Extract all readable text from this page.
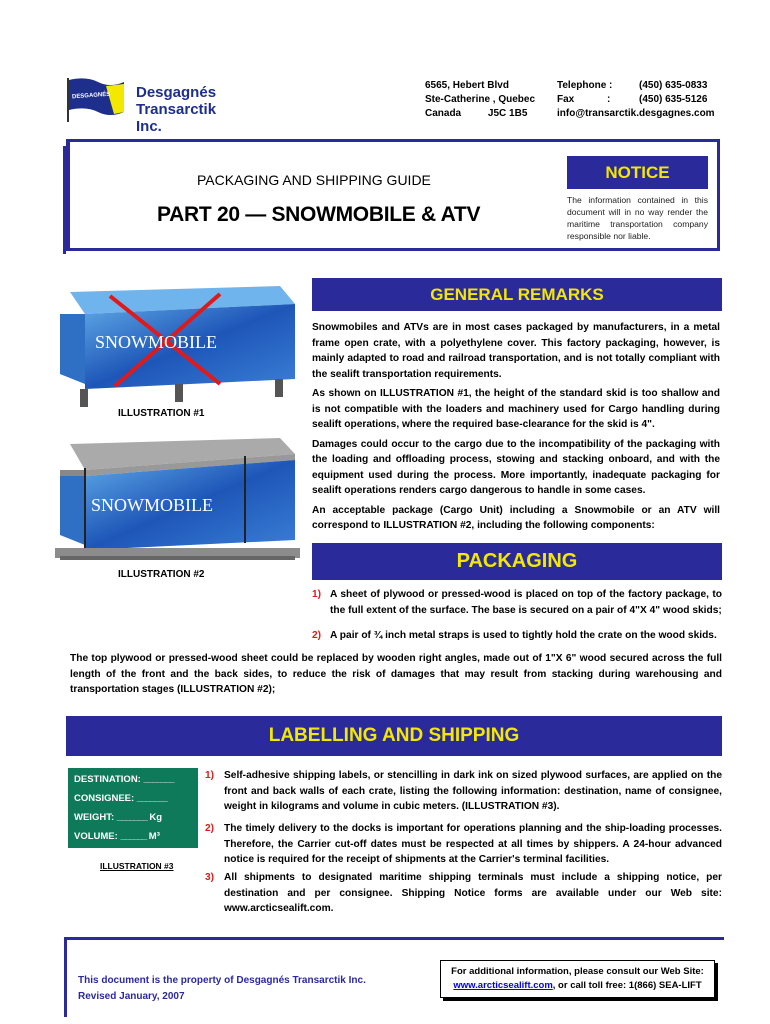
DESGAGNÉS Desgagnés
Transarctik Inc.
6565, Hebert Blvd
Ste-Catherine , Quebec
Canada	J5C 1B5
Telephone :	(450) 635-0833
Fax	:	(450) 635-5126
info@transarctik.desgagnes.com
PACKAGING AND SHIPPING GUIDE
PART 20 — SNOWMOBILE & ATV
NOTICE
The information contained in this document will in no way render the maritime transportation company responsible nor liable.
SNOWMOBILE
ILLUSTRATION #1
SNOWMOBILE
ILLUSTRATION #2
GENERAL REMARKS

Snowmobiles and ATVs are in most cases packaged by manufacturers, in a metal frame open crate, with a polyethylene cover. This factory packaging, however, is mainly adapted to road and railroad transportation, and is not totally compliant with the sealift transportation requirements.

As shown on ILLUSTRATION #1, the height of the standard skid is too shallow and is not compatible with the loaders and machinery used for Cargo handling during sealift operations, where the required base-clearance for the skid is 4".

Damages could occur to the cargo due to the incompatibility of the packaging with the loading and offloading process, stowing and stacking onboard, and with the equipment used during the process. More importantly, inadequate packaging for sealift operations renders cargo dangerous to handle in some cases.

An acceptable package (Cargo Unit) including a Snowmobile or an ATV will correspond to ILLUSTRATION #2, including the following components:

PACKAGING
1) A sheet of plywood or pressed-wood is placed on top of the factory package, to the full extent of the surface. The base is secured on a pair of 4"X 4" wood skids;
2) A pair of ¾ inch metal straps is used to tightly hold the crate on the wood skids.
The top plywood or pressed-wood sheet could be replaced by wooden right angles, made out of 1"X 6" wood secured across the full length of the front and the back sides, to reduce the risk of damages that may result from stacking during warehousing and transportation stages (ILLUSTRATION #2);
LABELLING AND SHIPPING
DESTINATION: _______
CONSIGNEE: _______
WEIGHT: _______ Kg
VOLUME: ______ M³
ILLUSTRATION #3
1) Self-adhesive shipping labels, or stencilling in dark ink on sized plywood surfaces, are applied on the front and back walls of each crate, listing the following information: destination, name of consignee, weight in kilograms and volume in cubic meters. (ILLUSTRATION #3).
2) The timely delivery to the docks is important for operations planning and the ship-loading processes. Therefore, the Carrier cut-off dates must be respected at all times by shippers. A 24-hour advanced notice is required for the receipt of shipments at the Carrier's terminal facilities.
3) All shipments to designated maritime shipping terminals must include a shipping notice, per destination and per consignee. Shipping Notice forms are available under our Web site: www.arcticsealift.com.
This document is the property of Desgagnés Transarctik Inc.
Revised January, 2007
For additional information, please consult our Web Site:
www.arcticsealift.com, or call toll free: 1(866) SEA-LIFT
